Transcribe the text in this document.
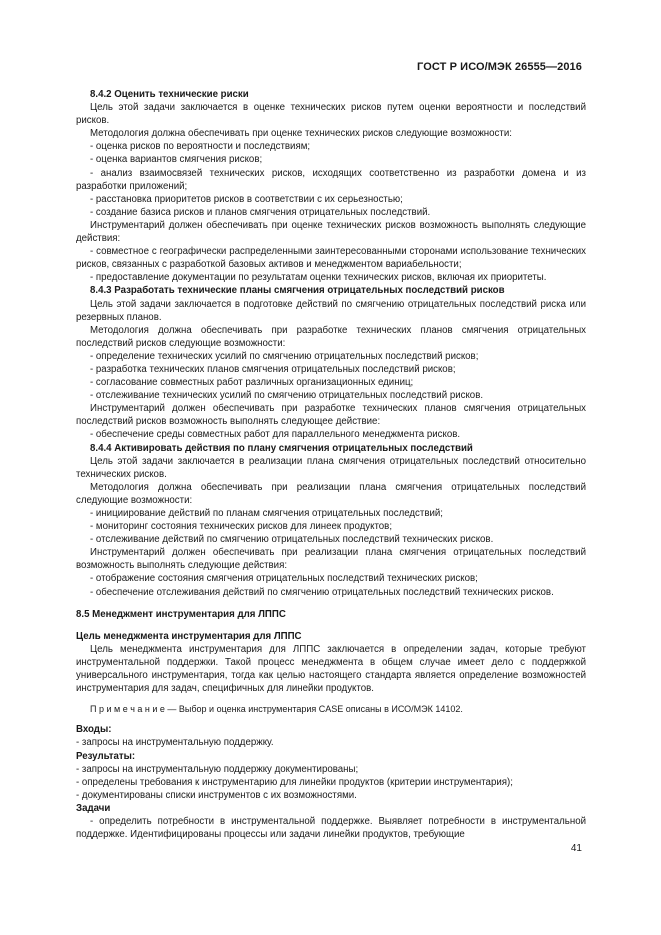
ГОСТ Р ИСО/МЭК 26555—2016

8.4.2 Оценить технические риски

Цель этой задачи заключается в оценке технических рисков путем оценки вероятности и последствий рисков.

Методология должна обеспечивать при оценке технических рисков следующие возможности:

- оценка рисков по вероятности и последствиям;

- оценка вариантов смягчения рисков;

- анализ взаимосвязей технических рисков, исходящих соответственно из разработки домена и из разработки приложений;

- расстановка приоритетов рисков в соответствии с их серьезностью;

- создание базиса рисков и планов смягчения отрицательных последствий.

Инструментарий должен обеспечивать при оценке технических рисков возможность выполнять следующие действия:

- совместное с географически распределенными заинтересованными сторонами использование технических рисков, связанных с разработкой базовых активов и менеджментом вариабельности;

- предоставление документации по результатам оценки технических рисков, включая их приоритеты.

8.4.3 Разработать технические планы смягчения отрицательных последствий рисков

Цель этой задачи заключается в подготовке действий по смягчению отрицательных последствий риска или резервных планов.

Методология должна обеспечивать при разработке технических планов смягчения отрицательных последствий рисков следующие возможности:

- определение технических усилий по смягчению отрицательных последствий рисков;

- разработка технических планов смягчения отрицательных последствий рисков;

- согласование совместных работ различных организационных единиц;

- отслеживание технических усилий по смягчению отрицательных последствий рисков.

Инструментарий должен обеспечивать при разработке технических планов смягчения отрицательных последствий рисков возможность выполнять следующее действие:

- обеспечение среды совместных работ для параллельного менеджмента рисков.

8.4.4 Активировать действия по плану смягчения отрицательных последствий

Цель этой задачи заключается в реализации плана смягчения отрицательных последствий относительно технических рисков.

Методология должна обеспечивать при реализации плана смягчения отрицательных последствий следующие возможности:

- инициирование действий по планам смягчения отрицательных последствий;

- мониторинг состояния технических рисков для линеек продуктов;

- отслеживание действий по смягчению отрицательных последствий технических рисков.

Инструментарий должен обеспечивать при реализации плана смягчения отрицательных последствий возможность выполнять следующие действия:

- отображение состояния смягчения отрицательных последствий технических рисков;

- обеспечение отслеживания действий по смягчению отрицательных последствий технических рисков.

8.5 Менеджмент инструментария для ЛППС

Цель менеджмента инструментария для ЛППС

Цель менеджмента инструментария для ЛППС заключается в определении задач, которые требуют инструментальной поддержки. Такой процесс менеджмента в общем случае имеет дело с поддержкой универсального инструментария, тогда как целью настоящего стандарта является определение возможностей инструментария для задач, специфичных для линейки продуктов.

П р и м е ч а н и е — Выбор и оценка инструментария CASE описаны в ИСО/МЭК 14102.

Входы:

- запросы на инструментальную поддержку.

Результаты:

- запросы на инструментальную поддержку документированы;

- определены требования к инструментарию для линейки продуктов (критерии инструментария);

- документированы списки инструментов с их возможностями.

Задачи

- определить потребности в инструментальной поддержке. Выявляет потребности в инструментальной поддержке. Идентифицированы процессы или задачи линейки продуктов, требующие

41
